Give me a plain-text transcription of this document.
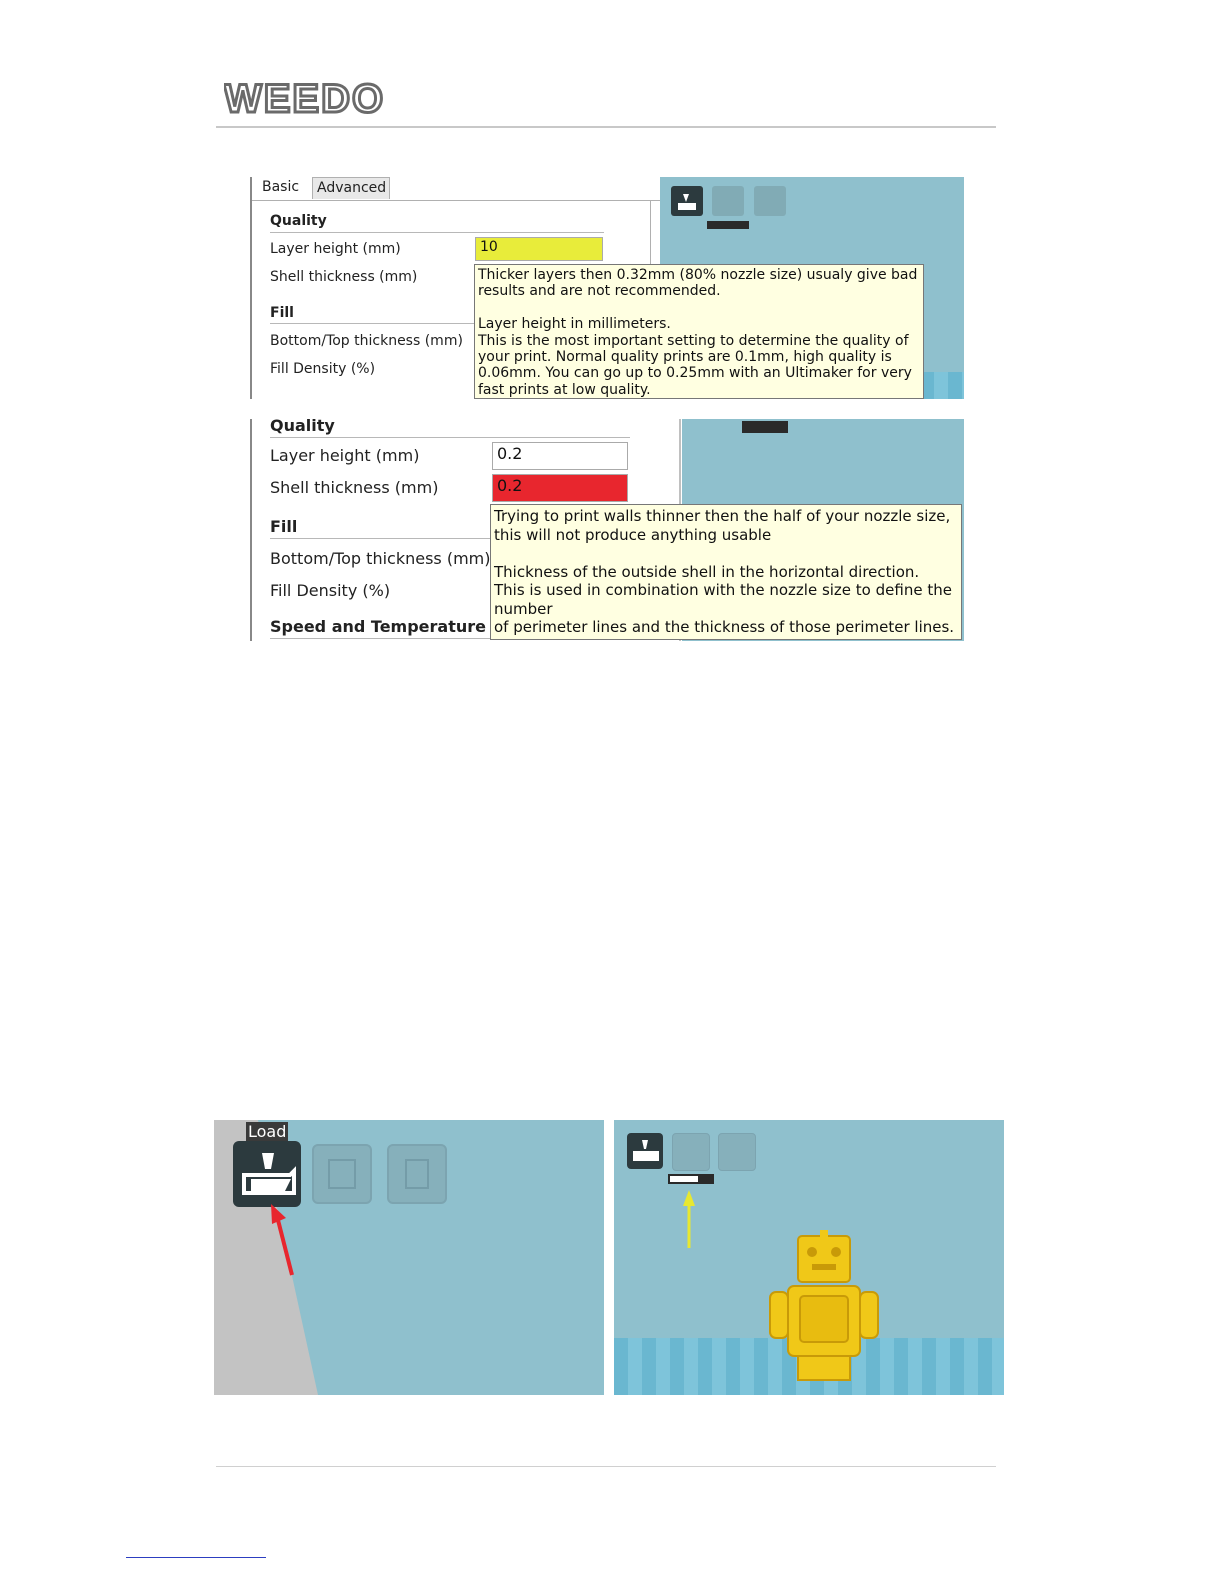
WEEDO
Basic	Advanced
Quality
Layer height (mm)	10
Shell thickness (mm)
Fill
Bottom/Top thickness (mm)
Fill Density (%)
Thicker layers then 0.32mm (80% nozzle size) usualy give bad
results and are not recommended.

Layer height in millimeters.
This is the most important setting to determine the quality of
your print. Normal quality prints are 0.1mm, high quality is
0.06mm. You can go up to 0.25mm with an Ultimaker for very
fast prints at low quality.
Quality
Layer height (mm)	0.2
Shell thickness (mm)	0.2
Fill
Bottom/Top thickness (mm)
Fill Density (%)
Speed and Temperature
Trying to print walls thinner then the half of your nozzle size,
this will not produce anything usable

Thickness of the outside shell in the horizontal direction.
This is used in combination with the nozzle size to define the
number
of perimeter lines and the thickness of those perimeter lines.
Load
